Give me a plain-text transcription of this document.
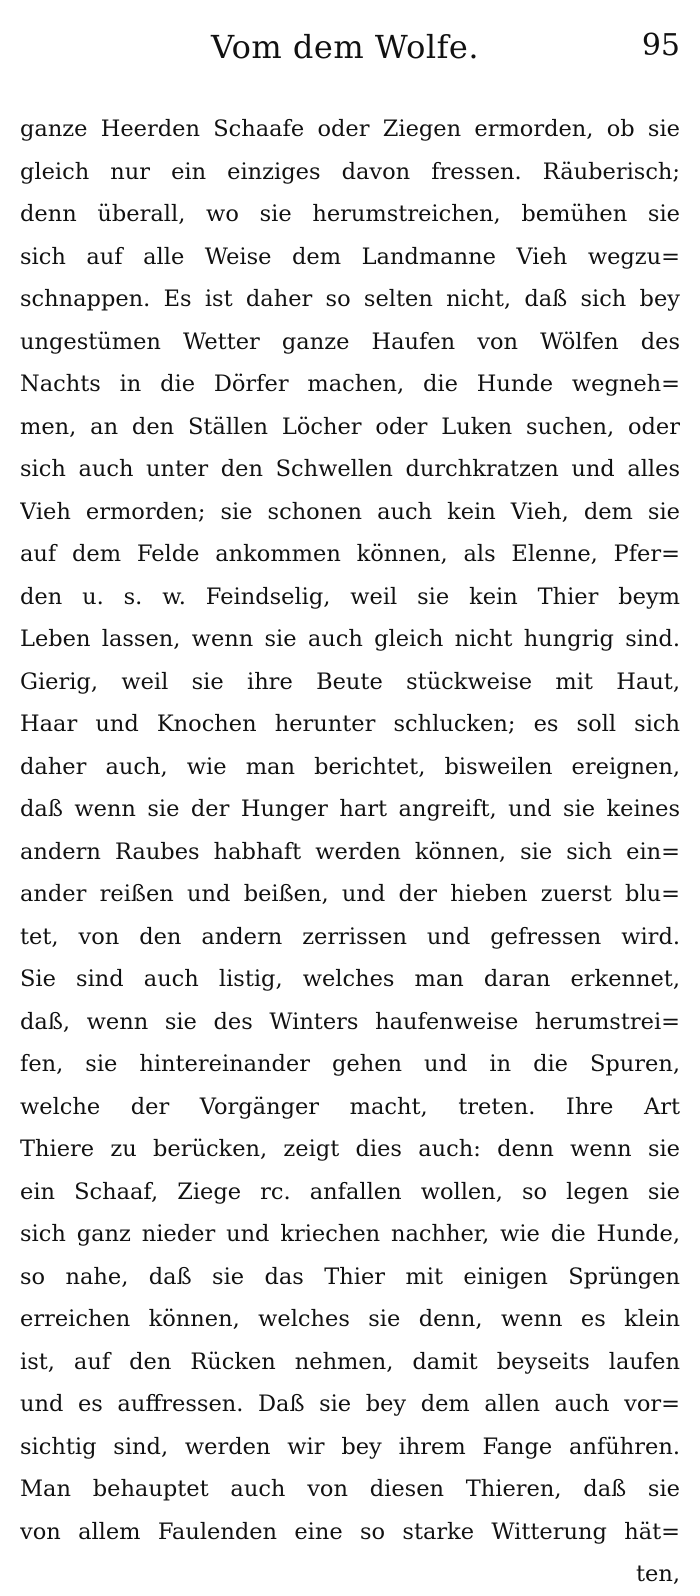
Vom dem Wolfe.	95
ganze Heerden Schaafe oder Ziegen ermorden, ob sie
gleich nur ein einziges davon fressen. Räuberisch;
denn überall, wo sie herumstreichen, bemühen sie
sich auf alle Weise dem Landmanne Vieh wegzu=
schnappen. Es ist daher so selten nicht, daß sich bey
ungestümen Wetter ganze Haufen von Wölfen des
Nachts in die Dörfer machen, die Hunde wegneh=
men, an den Ställen Löcher oder Luken suchen, oder
sich auch unter den Schwellen durchkratzen und alles
Vieh ermorden; sie schonen auch kein Vieh, dem sie
auf dem Felde ankommen können, als Elenne, Pfer=
den u. s. w. Feindselig, weil sie kein Thier beym
Leben lassen, wenn sie auch gleich nicht hungrig sind.
Gierig, weil sie ihre Beute stückweise mit Haut,
Haar und Knochen herunter schlucken; es soll sich
daher auch, wie man berichtet, bisweilen ereignen,
daß wenn sie der Hunger hart angreift, und sie keines
andern Raubes habhaft werden können, sie sich ein=
ander reißen und beißen, und der hieben zuerst blu=
tet, von den andern zerrissen und gefressen wird.
Sie sind auch listig, welches man daran erkennet,
daß, wenn sie des Winters haufenweise herumstrei=
fen, sie hintereinander gehen und in die Spuren,
welche der Vorgänger macht, treten. Ihre Art
Thiere zu berücken, zeigt dies auch: denn wenn sie
ein Schaaf, Ziege rc. anfallen wollen, so legen sie
sich ganz nieder und kriechen nachher, wie die Hunde,
so nahe, daß sie das Thier mit einigen Sprüngen
erreichen können, welches sie denn, wenn es klein
ist, auf den Rücken nehmen, damit beyseits laufen
und es auffressen. Daß sie bey dem allen auch vor=
sichtig sind, werden wir bey ihrem Fange anführen.
Man behauptet auch von diesen Thieren, daß sie
von allem Faulenden eine so starke Witterung hät=
ten,
